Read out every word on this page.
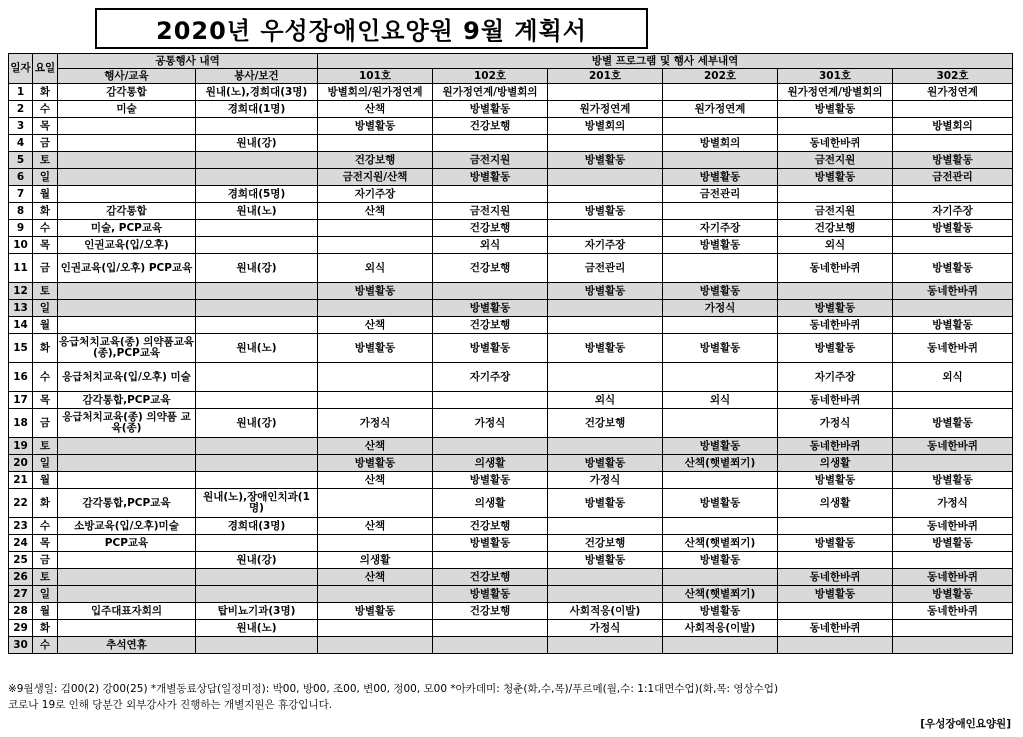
2020년 우성장애인요양원 9월 계획서
일자	요일	공통행사 내역		방별 프로그램 및 행사 세부내역					
		행사/교육	봉사/보건	101호	102호	201호	202호	301호	302호
1	화	감각통합	원내(노),경희대(3명)	방별회의/원가정연계	원가정연계/방별회의			원가정연계/방별회의	원가정연계
2	수	미술	경희대(1명)	산책	방별활동	원가정연계	원가정연계	방별활동	
3	목			방별활동	건강보행	방별회의			방별회의
4	금		원내(강)				방별회의	동네한바퀴	
5	토			건강보행	금전지원	방별활동		금전지원	방별활동
6	일			금전지원/산책	방별활동		방별활동	방별활동	금전관리
7	월		경희대(5명)	자기주장			금전관리		
8	화	감각통합	원내(노)	산책	금전지원	방별활동		금전지원	자기주장
9	수	미술, PCP교육			건강보행		자기주장	건강보행	방별활동
10	목	인권교육(입/오후)			외식	자기주장	방별활동	외식	
11	금	인권교육(입/오후) PCP교육	원내(강)	외식	건강보행	금전관리		동네한바퀴	방별활동
12	토			방별활동		방별활동	방별활동		동네한바퀴
13	일				방별활동		가정식	방별활동	
14	월			산책	건강보행			동네한바퀴	방별활동
15	화	응급처치교육(종) 의약품교육(종),PCP교육	원내(노)	방별활동	방별활동	방별활동	방별활동	방별활동	동네한바퀴
16	수	응급처치교육(입/오후) 미술			자기주장			자기주장	외식
17	목	감각통합,PCP교육				외식	외식	동네한바퀴	
18	금	응급처치교육(종) 의약품 교육(종)	원내(강)	가정식	가정식	건강보행		가정식	방별활동
19	토			산책			방별활동	동네한바퀴	동네한바퀴
20	일			방별활동	의생활	방별활동	산책(햇볕쬐기)	의생활	
21	월			산책	방별활동	가정식		방별활동	방별활동
22	화	감각통합,PCP교육	원내(노),장애인치과(1명)		의생활	방별활동	방별활동	의생활	가정식
23	수	소방교육(입/오후)미술	경희대(3명)	산책	건강보행				동네한바퀴
24	목	PCP교육			방별활동	건강보행	산책(햇볕쬐기)	방별활동	방별활동
25	금		원내(강)	의생활		방별활동	방별활동		
26	토			산책	건강보행			동네한바퀴	동네한바퀴
27	일				방별활동		산책(햇볕쬐기)	방별활동	방별활동
28	월	입주대표자회의	탑비뇨기과(3명)	방별활동	건강보행	사회적응(이발)	방별활동		동네한바퀴
29	화		원내(노)			가정식	사회적응(이발)	동네한바퀴	
30	수	추석연휴							
※9월생일: 김00(2) 강00(25) *개별동료상담(일정미정): 박00, 방00, 조00, 변00, 정00, 모00 *아카데미: 청춘(화,수,목)/푸르메(월,수: 1:1대면수업)(화,목: 영상수업)
코로나 19로 인해 당분간 외부강사가 진행하는 개별지원은 휴강입니다.
[우성장애인요양원]
